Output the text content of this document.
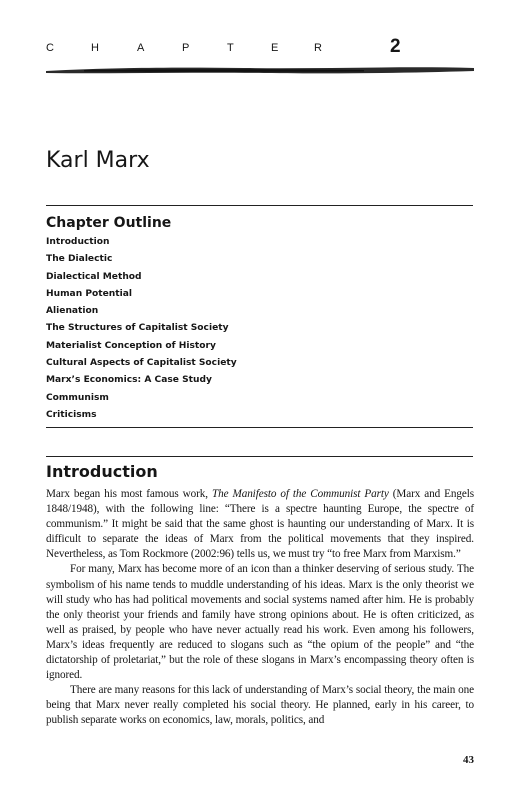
C	H	A	P	T	E	R	2
Karl Marx
Chapter Outline
Introduction
The Dialectic
Dialectical Method
Human Potential
Alienation
The Structures of Capitalist Society
Materialist Conception of History
Cultural Aspects of Capitalist Society
Marx’s Economics: A Case Study
Communism
Criticisms
Introduction

Marx began his most famous work, The Manifesto of the Communist Party (Marx and Engels 1848/1948), with the following line: “There is a spectre haunting Europe, the spectre of communism.” It might be said that the same ghost is haunting our understanding of Marx. It is difficult to separate the ideas of Marx from the political movements that they inspired. Nevertheless, as Tom Rockmore (2002:96) tells us, we must try “to free Marx from Marxism.”

For many, Marx has become more of an icon than a thinker deserving of serious study. The symbolism of his name tends to muddle understanding of his ideas. Marx is the only theorist we will study who has had political movements and social systems named after him. He is probably the only theorist your friends and family have strong opinions about. He is often criticized, as well as praised, by people who have never actually read his work. Even among his followers, Marx’s ideas frequently are reduced to slogans such as “the opium of the people” and “the dictatorship of proletariat,” but the role of these slogans in Marx’s encompassing theory often is ignored.

There are many reasons for this lack of understanding of Marx’s social theory, the main one being that Marx never really completed his social theory. He planned, early in his career, to publish separate works on economics, law, morals, politics, and

43
